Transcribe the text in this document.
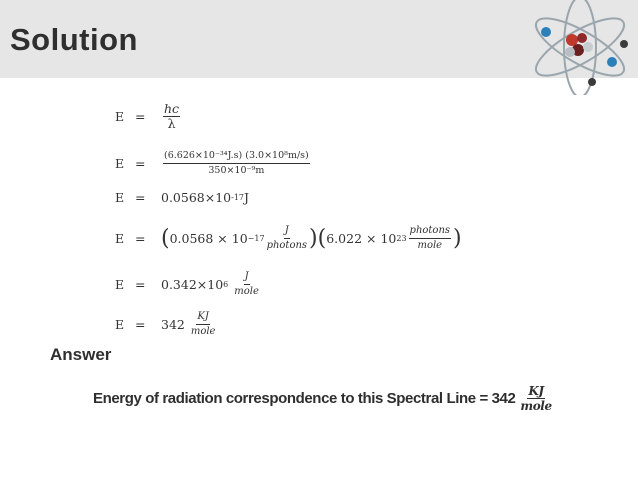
Solution
E =	$\frac{hc}{\lambda}$
E =	$\frac{\text{(6.626×10⁻³⁴J.s) (3.0×10⁸m/s)}}{\text{350×10⁻⁹m}}$
E =	0.0568×10 -17 J
E = ( $0.0568 \times 10 -17 \frac{J}{\text{photons}}$ ) ( 6.022 × 10 $23 \frac{\text{photons}}{\text{mole}}$ )
E =	0.342×10 $6 \frac{J}{\text{mole}}$
E =	$342 \frac{KJ}{\text{mole}}$
Answer
Energy of radiation correspondence to this Spectral Line = $342 \frac{KJ}{\text{mole}}$
